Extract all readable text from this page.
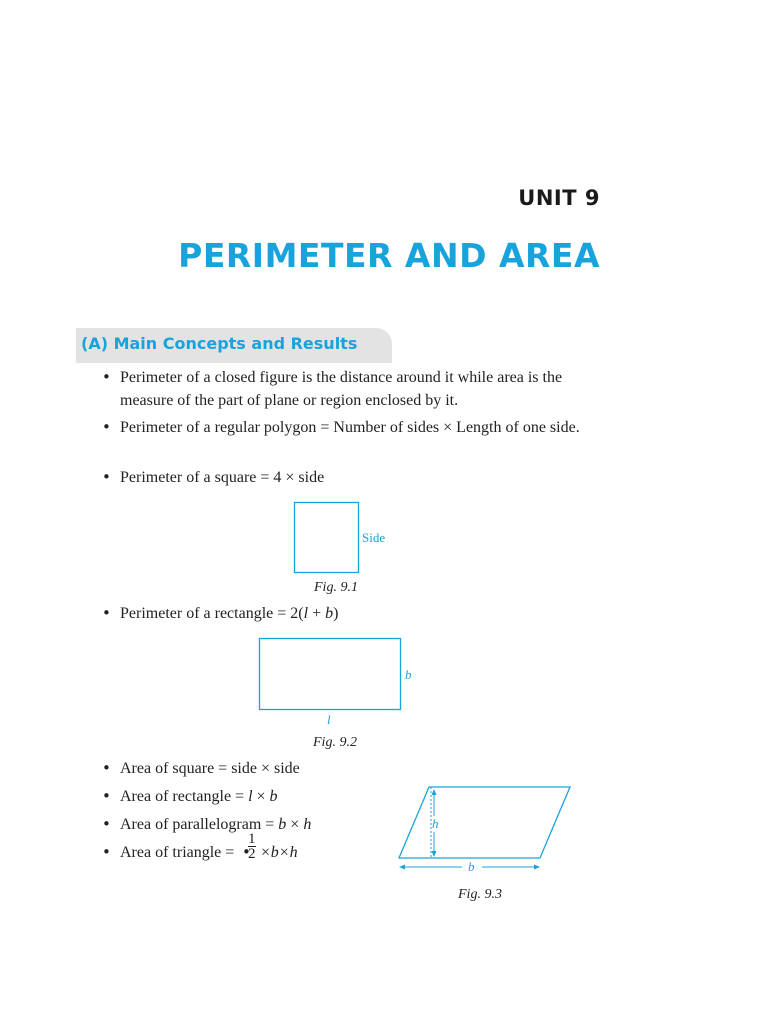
UNIT 9
PERIMETER AND AREA
(A) Main Concepts and Results
• Perimeter of a closed figure is the distance around it while area is the measure of the part of plane or region enclosed by it.
• Perimeter of a regular polygon = Number of sides × Length of one side.
• Perimeter of a square = 4 × side
Side
Fig. 9.1
• Perimeter of a rectangle = 2(l + b)
b
l
Fig. 9.2
• Area of square = side × side
• Area of rectangle = l × b
• Area of parallelogram = b × h
• Area of triangle = $\frac{1}{2}$
• ×b×h
h
b
Fig. 9.3
